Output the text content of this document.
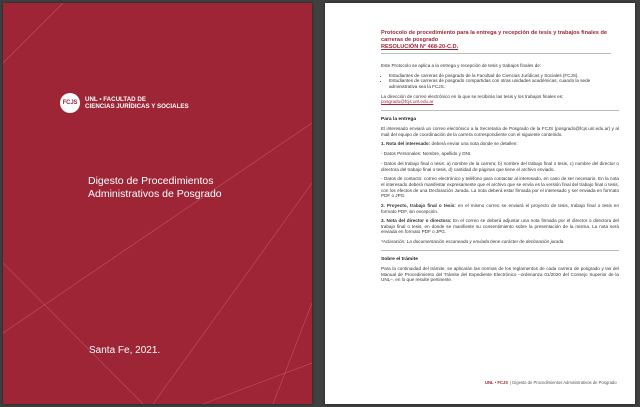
FCJS
UNL • FACULTAD DE
CIENCIAS JURÍDICAS Y SOCIALES
Digesto de Procedimientos
Administrativos de Posgrado
Santa Fe, 2021.
Protocolo de procedimiento para la entrega y recepción de tesis y trabajos finales de carreras de posgrado
RESOLUCIÓN N° 468-20-C.D.

Este Protocolo se aplica a la entrega y recepción de tesis y trabajos finales de:

• Estudiantes de carreras de posgrado de la Facultad de Ciencias Jurídicas y Sociales (FCJS).
• Estudiantes de carreras de posgrado compartidas con otras unidades académicas, cuando la sede administrativa sea la FCJS.

La dirección de correo electrónico en la que se recibirán las tesis y los trabajos finales es:

posgrado@fcjs.unl.edu.ar

Para la entrega

El interesado enviará un correo electrónico a la Secretaría de Posgrado de la FCJS (posgrado@fcjs.unl.edu.ar) y al mail del equipo de coordinación de la carrera correspondiente con el siguiente contenido.

1. Nota del interesado: deberá enviar una nota donde se detallen:

- Datos Personales: Nombre, apellido y DNI.

- Datos del trabajo final o tesis: a) nombre de la carrera; b) nombre del trabajo final o tesis, c) nombre del director o directora del trabajo final o tesis, d) cantidad de páginas que tiene el archivo enviado.

- Datos de contacto: correo electrónico y teléfono para contactar al interesado, en caso de ser necesario. En la nota el interesado deberá manifestar expresamente que el archivo que se envía es la versión final del trabajo final o tesis, con los efectos de una Declaración Jurada. La nota deberá estar firmada por el interesado y ser enviada en formato PDF o JPG.

2. Proyecto, trabajo final o tesis: en el mismo correo se enviará el proyecto de tesis, trabajo final o tesis en formato PDF, sin excepción.

3. Nota del director o directora: En el correo se deberá adjuntar una nota firmada por el director o directora del trabajo final o tesis, en donde se manifieste su consentimiento sobre la presentación de la misma. La nota será enviada en formato PDF o JPG.

*Aclaración: La documentación escaneada y enviada tiene carácter de declaración jurada.

Sobre el trámite

Para la continuidad del trámite, se aplicarán las normas de los reglamentos de cada carrera de posgrado y las del Manual de Procedimiento del Trámite del Expediente Electrónico –ordenanza 01/2020 del Consejo Superior de la UNL–, en lo que resulte pertinente.

UNL • FCJS | Digesto de Procedimientos Administrativos de Posgrado
